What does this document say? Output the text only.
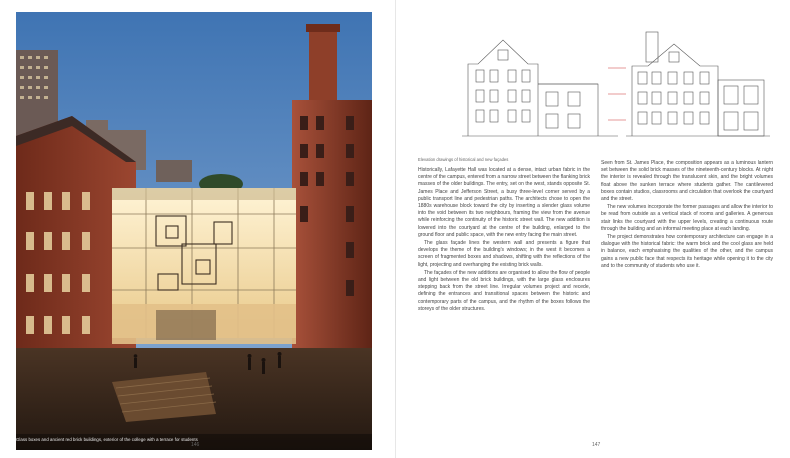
Glass boxes and ancient red brick buildings, exterior of the college with a terrace for students
146
Elevation drawings of historical and new façades

Historically, Lafayette Hall was located at a dense, intact urban fabric in the centre of the campus, entered from a narrow street between the flanking brick masses of the older buildings. The entry, set on the west, stands opposite St. James Place and Jefferson Street, a busy three-level corner served by a public transport line and pedestrian paths. The architects chose to open the 1880s warehouse block toward the city by inserting a slender glass volume into the void between its two neighbours, framing the view from the avenue while reinforcing the continuity of the historic street wall. The new addition is lowered into the courtyard at the centre of the building, enlarged to the ground floor and public space, with the new entry facing the main street.

The glass façade lines the western wall and presents a figure that develops the theme of the building's windows; in the west it becomes a screen of fragmented boxes and shadows, shifting with the reflections of the light, projecting and overhanging the existing brick walls.

The façades of the new additions are organised to allow the flow of people and light between the old brick buildings, with the large glass enclosures stepping back from the street line. Irregular volumes project and recede, defining the entrances and transitional spaces between the historic and contemporary parts of the campus, and the rhythm of the boxes follows the storeys of the older structures.

Seen from St. James Place, the composition appears as a luminous lantern set between the solid brick masses of the nineteenth-century blocks. At night the interior is revealed through the translucent skin, and the bright volumes float above the sunken terrace where students gather. The cantilevered boxes contain studios, classrooms and circulation that overlook the courtyard and the street.

The new volumes incorporate the former passages and allow the interior to be read from outside as a vertical stack of rooms and galleries. A generous stair links the courtyard with the upper levels, creating a continuous route through the building and an informal meeting place at each landing.

The project demonstrates how contemporary architecture can engage in a dialogue with the historical fabric: the warm brick and the cool glass are held in balance, each emphasising the qualities of the other, and the campus gains a new public face that respects its heritage while opening it to the city and to the community of students who use it.

147
